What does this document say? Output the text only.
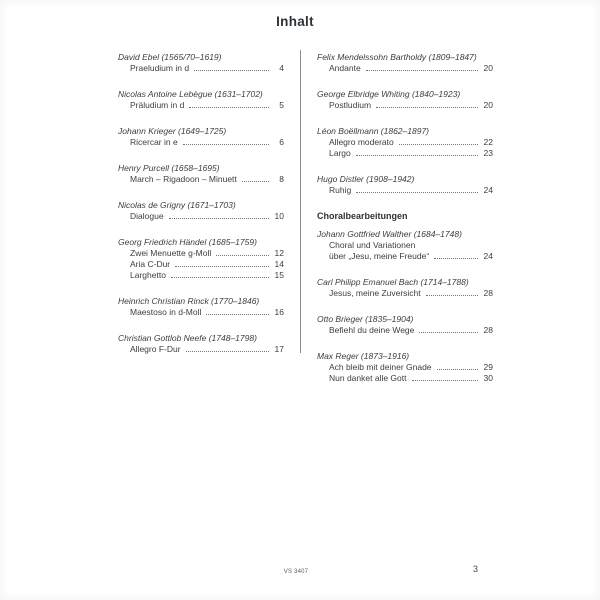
Inhalt
David Ebel (1565/70–1619)
Praeludium in d	4
Nicolas Antoine Lebègue (1631–1702)
Präludium in d	5
Johann Krieger (1649–1725)
Ricercar in e	6
Henry Purcell (1658–1695)
March – Rigadoon – Minuett	8
Nicolas de Grigny (1671–1703)
Dialogue	10
Georg Friedrich Händel (1685–1759)
Zwei Menuette g-Moll	12
Aria C-Dur	14
Larghetto	15
Heinrich Christian Rinck (1770–1846)
Maestoso in d-Moll	16
Christian Gottlob Neefe (1748–1798)
Allegro F-Dur	17
Felix Mendelssohn Bartholdy (1809–1847)
Andante	20
George Elbridge Whiting (1840–1923)
Postludium	20
Léon Boëllmann (1862–1897)
Allegro moderato	22
Largo	23
Hugo Distler (1908–1942)
Ruhig	24
Choralbearbeitungen
Johann Gottfried Walther (1684–1748)
Choral und Variationen
über „Jesu, meine Freude“	24
Carl Philipp Emanuel Bach (1714–1788)
Jesus, meine Zuversicht	28
Otto Brieger (1835–1904)
Befiehl du deine Wege	28
Max Reger (1873–1916)
Ach bleib mit deiner Gnade	29
Nun danket alle Gott	30
VS 3407	3
